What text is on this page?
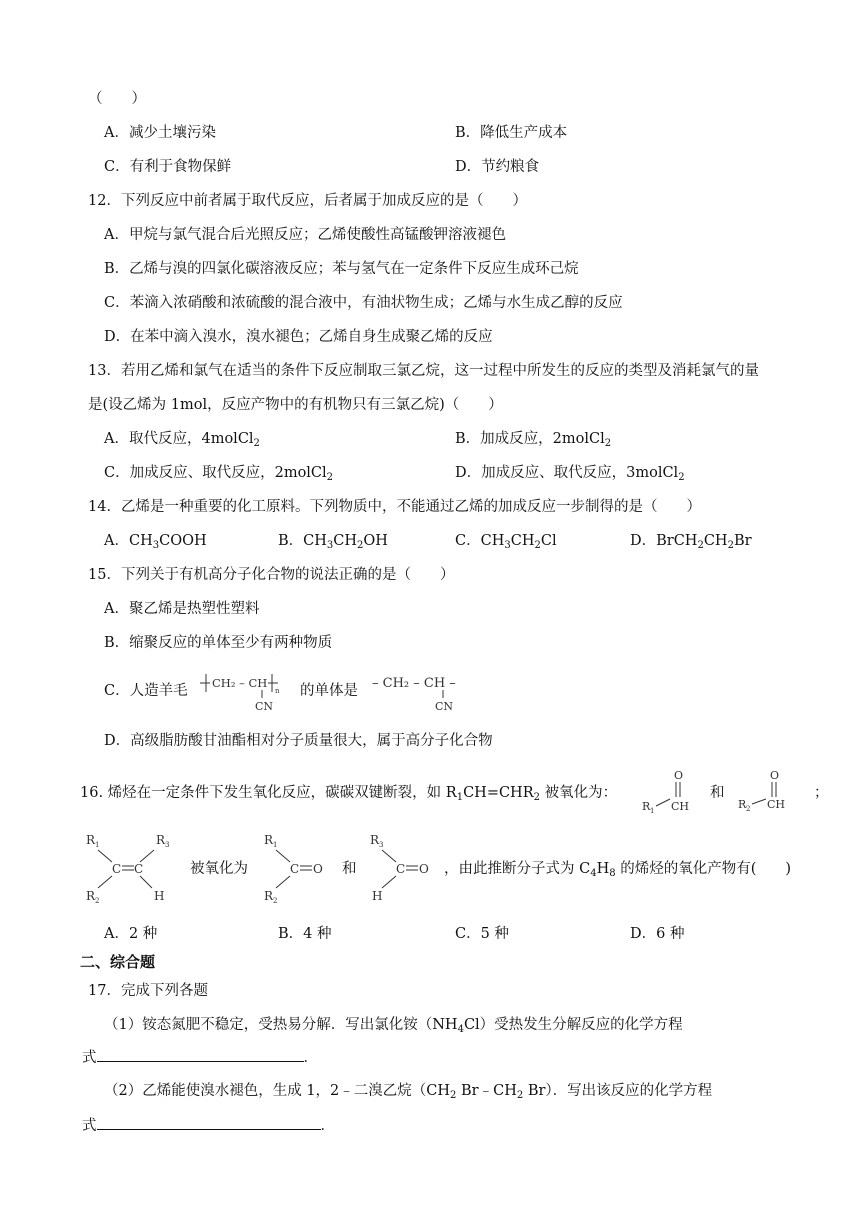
（　　）
A．减少土壤污染	B．降低生产成本
C．有利于食物保鲜	D．节约粮食
12．下列反应中前者属于取代反应，后者属于加成反应的是（　　）
A．甲烷与氯气混合后光照反应；乙烯使酸性高锰酸钾溶液褪色
B．乙烯与溴的四氯化碳溶液反应；苯与氢气在一定条件下反应生成环己烷
C．苯滴入浓硝酸和浓硫酸的混合液中，有油状物生成；乙烯与水生成乙醇的反应
D．在苯中滴入溴水，溴水褪色；乙烯自身生成聚乙烯的反应
13．若用乙烯和氯气在适当的条件下反应制取三氯乙烷，这一过程中所发生的反应的类型及消耗氯气的量
是(设乙烯为 1mol，反应产物中的有机物只有三氯乙烷)（　　）
A．取代反应，4molCl$_2$	B．加成反应，2molCl$_2$
C．加成反应、取代反应，2molCl$_2$	D．加成反应、取代反应，3molCl$_2$
14．乙烯是一种重要的化工原料。下列物质中，不能通过乙烯的加成反应一步制得的是（　　）
A．$CH_3COOH$	B．$CH_3CH_2OH$	C．$CH_3CH_2Cl$	D．$BrCH_2CH_2Br$
15．下列关于有机高分子化合物的说法正确的是（　　）
A．聚乙烯是热塑性塑料
B．缩聚反应的单体至少有两种物质
C．人造羊毛 CH₂ – CH
n
CN
的单体是 – CH₂ – CH –
CN
D．高级脂肪酸甘油酯相对分子质量很大，属于高分子化合物
16. 烯烃在一定条件下发生氧化反应，碳碳双键断裂，如 $R_1CH=CHR_2$ 被氧化为：
O
R 1 CH
和
O
R 2 CH
；
R 1	R 3
C C
R 2	H
被氧化为
R 1
C O
R 2
和
R 3
C O
H
，由此推断分子式为 $C_4H_8$ 的烯烃的氧化产物有(　　)
A．2 种	B．4 种	C．5 种	D．6 种
二、综合题
17．完成下列各题
（1）铵态氮肥不稳定，受热易分解．写出氯化铵$(NH_4Cl)$受热发生分解反应的化学方程
式	．
（2）乙烯能使溴水褪色，生成 1，2﹣二溴乙烷（$CH_2$ $Br﹣CH_2$ Br）．写出该反应的化学方程
式	．
